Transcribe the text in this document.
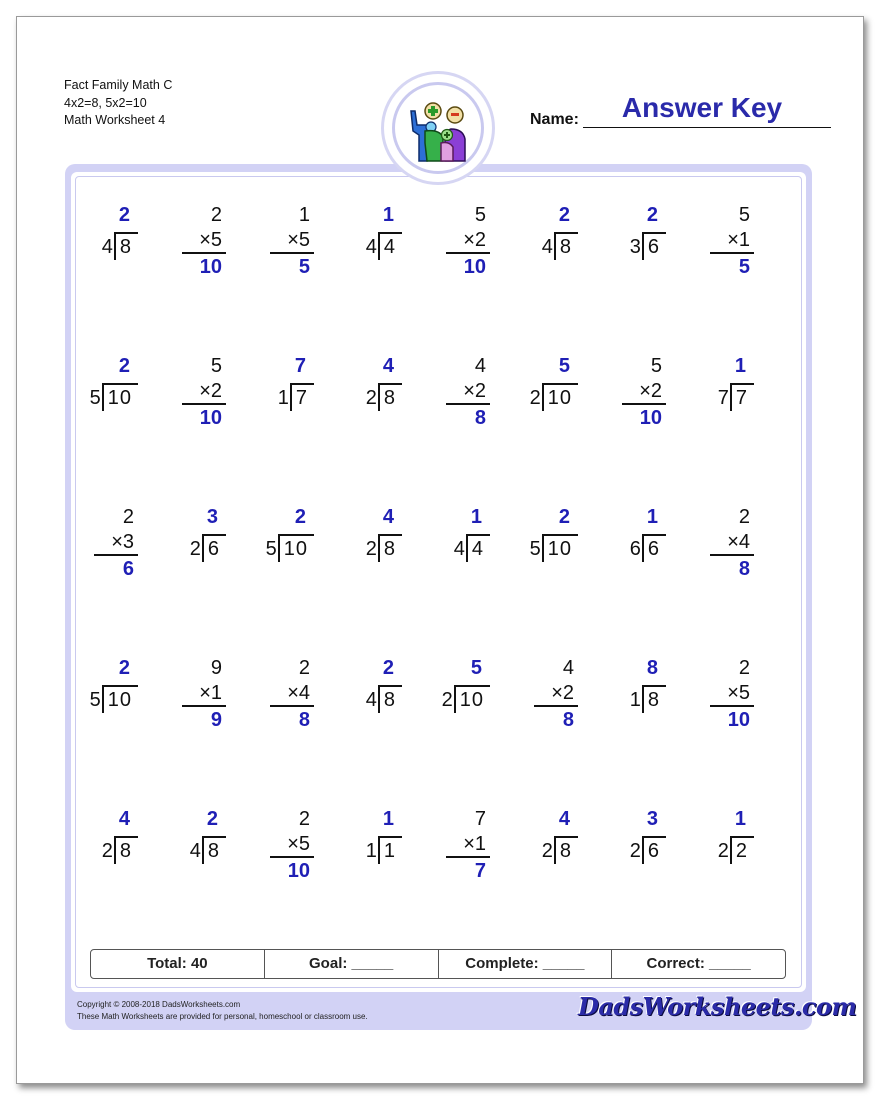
Fact Family Math C
4x2=8, 5x2=10
Math Worksheet 4	Name:	Answer Key
2
4 8
2
×5
10
1
×5
5
1
4 4
5
×2
10
2
4 8
2
3 6
5
×1
5
2
5 10
5
×2
10
7
1 7
4
2 8
4
×2
8
5
2 10
5
×2
10
1
7 7
2
×3
6
3
2 6
2
5 10
4
2 8
1
4 4
2
5 10
1
6 6
2
×4
8
2
5 10
9
×1
9
2
×4
8
2
4 8
5
2 10
4
×2
8
8
1 8
2
×5
10
4
2 8
2
4 8
2
×5
10
1
1 1
7
×1
7
4
2 8
3
2 6
1
2 2
Total: 40	Goal: _____	Complete: _____	Correct: _____
Copyright © 2008-2018 DadsWorksheets.com
These Math Worksheets are provided for personal, homeschool or classroom use.	DadsWorksheets.com
